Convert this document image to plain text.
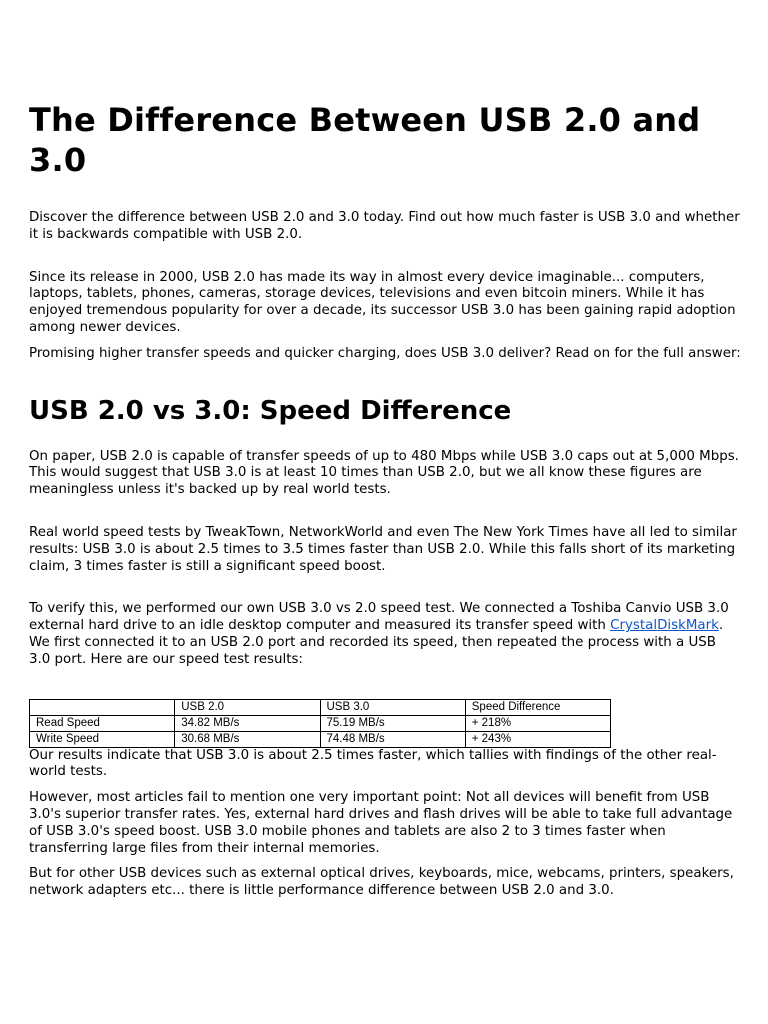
The Difference Between USB 2.0 and 3.0

Discover the difference between USB 2.0 and 3.0 today. Find out how much faster is USB 3.0 and whether it is backwards compatible with USB 2.0.

Since its release in 2000, USB 2.0 has made its way in almost every device imaginable... computers, laptops, tablets, phones, cameras, storage devices, televisions and even bitcoin miners. While it has enjoyed tremendous popularity for over a decade, its successor USB 3.0 has been gaining rapid adoption among newer devices.

Promising higher transfer speeds and quicker charging, does USB 3.0 deliver? Read on for the full answer:

USB 2.0 vs 3.0: Speed Difference

On paper, USB 2.0 is capable of transfer speeds of up to 480 Mbps while USB 3.0 caps out at 5,000 Mbps. This would suggest that USB 3.0 is at least 10 times than USB 2.0, but we all know these figures are meaningless unless it's backed up by real world tests.

Real world speed tests by TweakTown, NetworkWorld and even The New York Times have all led to similar results: USB 3.0 is about 2.5 times to 3.5 times faster than USB 2.0. While this falls short of its marketing claim, 3 times faster is still a significant speed boost.

To verify this, we performed our own USB 3.0 vs 2.0 speed test. We connected a Toshiba Canvio USB 3.0 external hard drive to an idle desktop computer and measured its transfer speed with CrystalDiskMark. We first connected it to an USB 2.0 port and recorded its speed, then repeated the process with a USB 3.0 port. Here are our speed test results:

	USB 2.0	USB 3.0	Speed Difference
Read Speed	34.82 MB/s	75.19 MB/s	+ 218%
Write Speed	30.68 MB/s	74.48 MB/s	+ 243%

Our results indicate that USB 3.0 is about 2.5 times faster, which tallies with findings of the other real-world tests.

However, most articles fail to mention one very important point: Not all devices will benefit from USB 3.0's superior transfer rates. Yes, external hard drives and flash drives will be able to take full advantage of USB 3.0's speed boost. USB 3.0 mobile phones and tablets are also 2 to 3 times faster when transferring large files from their internal memories.

But for other USB devices such as external optical drives, keyboards, mice, webcams, printers, speakers, network adapters etc... there is little performance difference between USB 2.0 and 3.0.
